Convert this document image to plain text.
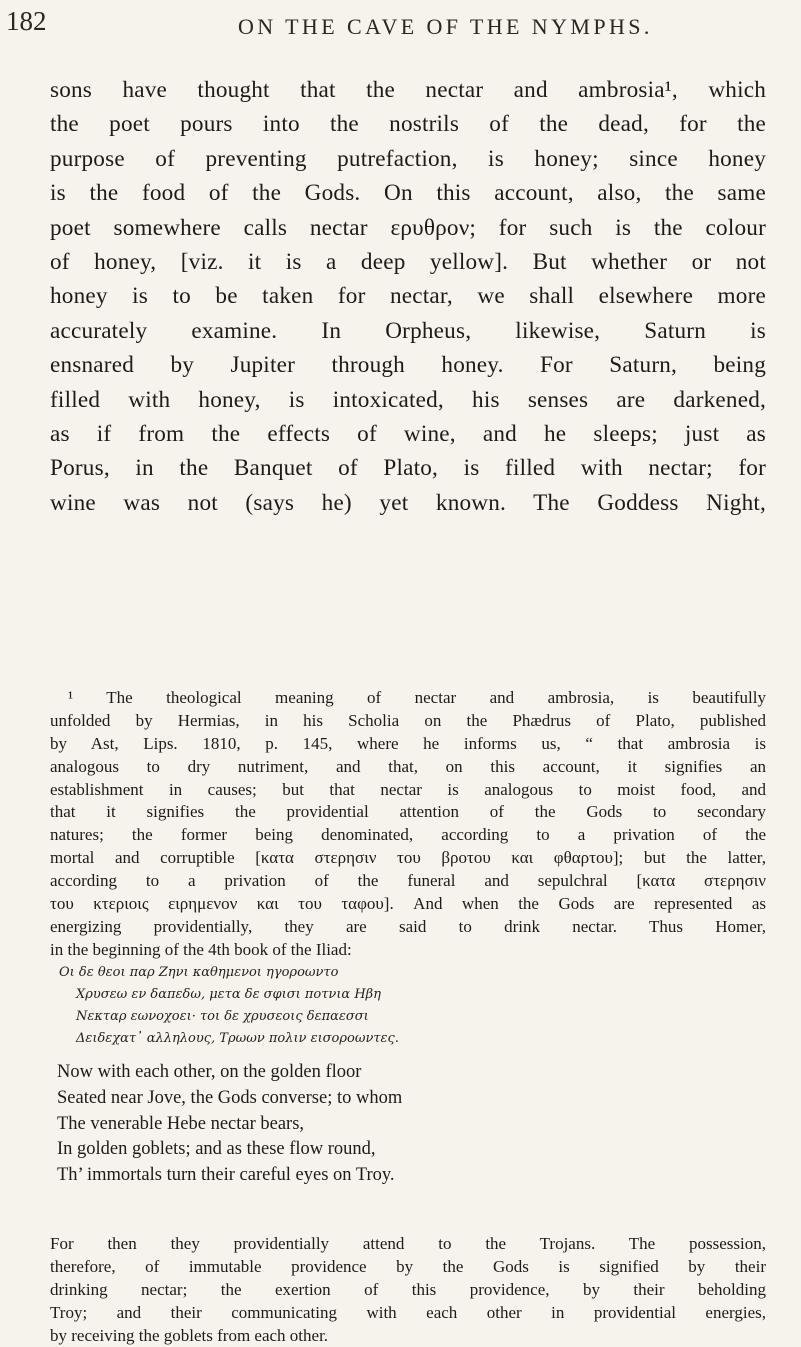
182	ON THE CAVE OF THE NYMPHS.
sons have thought that the nectar and ambrosia¹, which
the poet pours into the nostrils of the dead, for the
purpose of preventing putrefaction, is honey; since honey
is the food of the Gods. On this account, also, the same
poet somewhere calls nectar ερυθρον; for such is the colour
of honey, [viz. it is a deep yellow]. But whether or not
honey is to be taken for nectar, we shall elsewhere more
accurately examine. In Orpheus, likewise, Saturn is
ensnared by Jupiter through honey. For Saturn, being
filled with honey, is intoxicated, his senses are darkened,
as if from the effects of wine, and he sleeps; just as
Porus, in the Banquet of Plato, is filled with nectar; for
wine was not (says he) yet known. The Goddess Night,
¹ The theological meaning of nectar and ambrosia, is beautifully
unfolded by Hermias, in his Scholia on the Phædrus of Plato, published
by Ast, Lips. 1810, p. 145, where he informs us, “ that ambrosia is
analogous to dry nutriment, and that, on this account, it signifies an
establishment in causes; but that nectar is analogous to moist food, and
that it signifies the providential attention of the Gods to secondary
natures; the former being denominated, according to a privation of the
mortal and corruptible [κατα στερησιν του βροτου και φθαρτου]; but the latter,
according to a privation of the funeral and sepulchral [κατα στερησιν
του κτεριοις ειρημενον και του ταφου]. And when the Gods are represented as
energizing providentially, they are said to drink nectar. Thus Homer,
in the beginning of the 4th book of the Iliad:
Οι δε θεοι παρ Ζηνι καθημενοι ηγοροωντο
Χρυσεω εν δαπεδω, μετα δε σφισι ποτνια Ηβη
Νεκταρ εωνοχοει· τοι δε χρυσεοις δεπαεσσι
Δειδεχατ᾽ αλληλους, Τρωων πολιν εισοροωντες.
Now with each other, on the golden floor
Seated near Jove, the Gods converse; to whom
The venerable Hebe nectar bears,
In golden goblets; and as these flow round,
Th’ immortals turn their careful eyes on Troy.
For then they providentially attend to the Trojans. The possession,
therefore, of immutable providence by the Gods is signified by their
drinking nectar; the exertion of this providence, by their beholding
Troy; and their communicating with each other in providential energies,
by receiving the goblets from each other.
